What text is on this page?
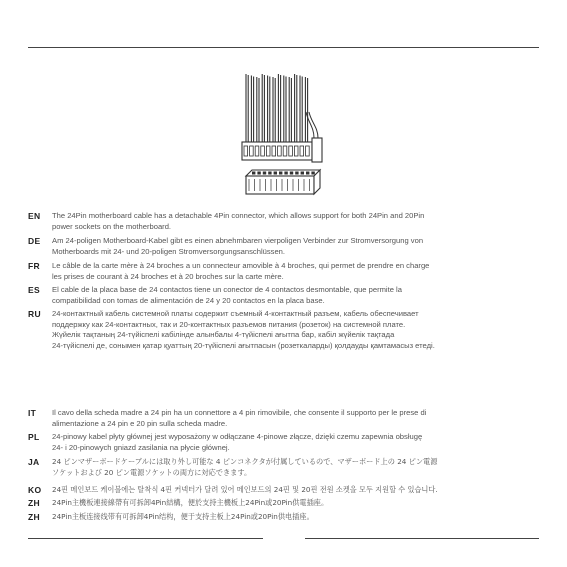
EN	The 24Pin motherboard cable has a detachable 4Pin connector, which allows support for both 24Pin and 20Pin
power sockets on the motherboard.
DE	Am 24-poligen Motherboard-Kabel gibt es einen abnehmbaren vierpoligen Verbinder zur Stromversorgung von
Motherboards mit 24- und 20-poligen Stromversorgungsanschlüssen.
FR	Le câble de la carte mère à 24 broches a un connecteur amovible à 4 broches, qui permet de prendre en charge
les prises de courant à 24 broches et à 20 broches sur la carte mère.
ES	El cable de la placa base de 24 contactos tiene un conector de 4 contactos desmontable, que permite la
compatibilidad con tomas de alimentación de 24 y 20 contactos en la placa base.
RU	24-контактный кабель системной платы содержит съемный 4-контактный разъем, кабель обеспечивает
поддержку как 24-контактных, так и 20-контактных разъемов питания (розеток) на системной плате.
Жүйелік тақтаның 24-түйіспелі кабілінде алынбалы 4-түйіспелі ағытпа бар, кабіл жүйелік тақтада
24-түйіспелі де, сонымен қатар қуаттың 20-түйіспелі ағытпасын (розеткаларды) қолдауды қамтамасыз етеді.
IT	Il cavo della scheda madre a 24 pin ha un connettore a 4 pin rimovibile, che consente il supporto per le prese di
alimentazione a 24 pin e 20 pin sulla scheda madre.
PL	24-pinowy kabel płyty głównej jest wyposażony w odłączane 4-pinowe złącze, dzięki czemu zapewnia obsługę
24- i 20-pinowych gniazd zasilania na płycie głównej.
JA	24 ピンマザーボードケーブルには取り外し可能な 4 ピンコネクタが付属しているので、マザーボード上の 24 ピン電源
ソケットおよび 20 ピン電源ソケットの両方に対応できます。
KO	24핀 메인보드 케이블에는 탈착식 4핀 커넥터가 달려 있어 메인보드의 24핀 및 20핀 전원 소켓을 모두 지원할 수 있습니다.
ZH	24Pin主機板連接線帶有可拆卸4Pin結構，便於支持主機板上24Pin或20Pin供電插座。
ZH	24Pin主板连接线带有可拆卸4Pin结构，便于支持主板上24Pin或20Pin供电插座。
